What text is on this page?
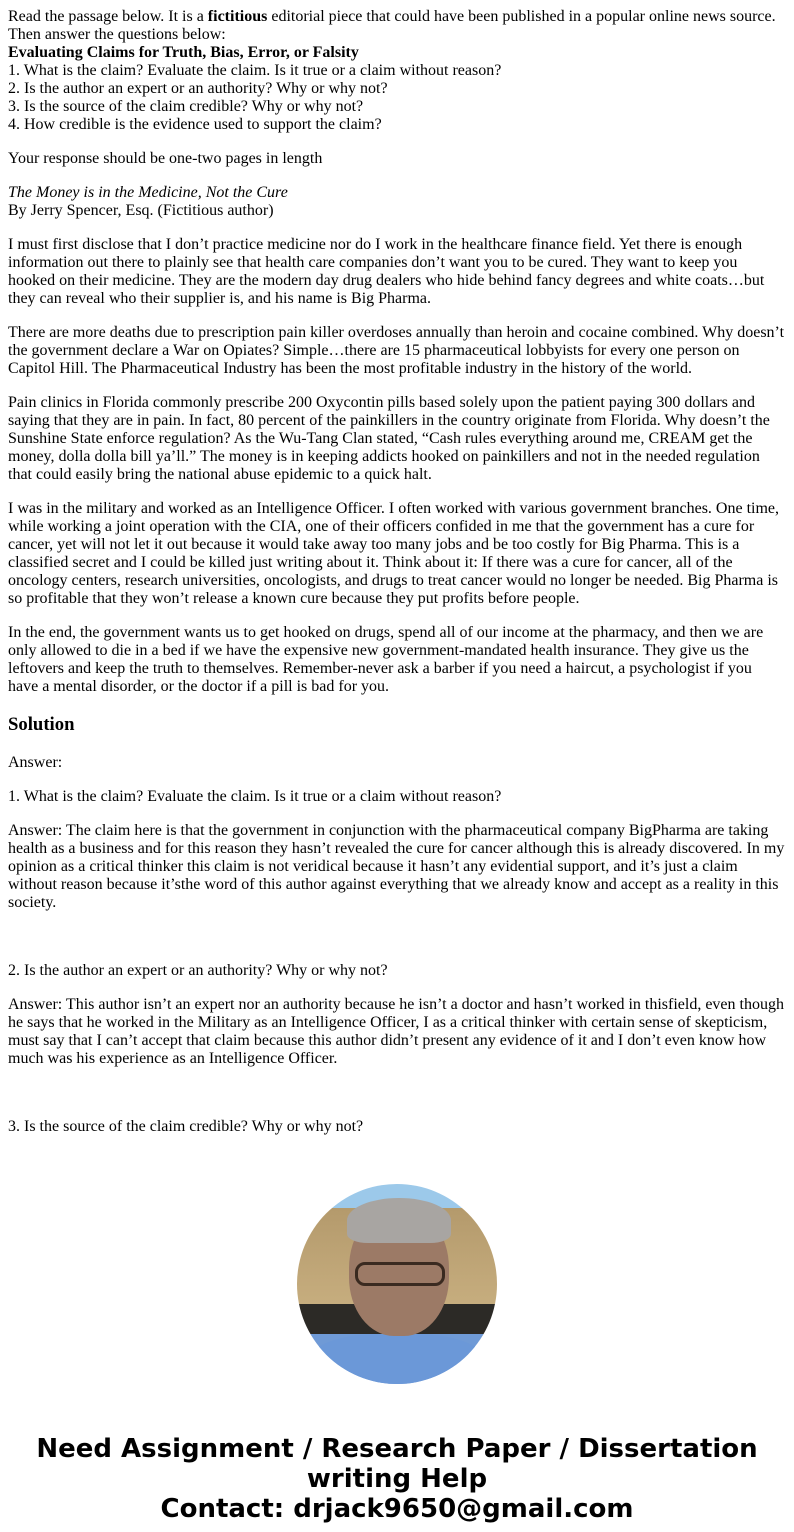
Read the passage below. It is a fictitious editorial piece that could have been published in a popular online news source. Then answer the questions below:
Evaluating Claims for Truth, Bias, Error, or Falsity
1. What is the claim? Evaluate the claim. Is it true or a claim without reason?
2. Is the author an expert or an authority? Why or why not?
3. Is the source of the claim credible? Why or why not?
4. How credible is the evidence used to support the claim?

Your response should be one-two pages in length

The Money is in the Medicine, Not the Cure
By Jerry Spencer, Esq. (Fictitious author)

I must first disclose that I don’t practice medicine nor do I work in the healthcare finance field. Yet there is enough information out there to plainly see that health care companies don’t want you to be cured. They want to keep you hooked on their medicine. They are the modern day drug dealers who hide behind fancy degrees and white coats…but they can reveal who their supplier is, and his name is Big Pharma.

There are more deaths due to prescription pain killer overdoses annually than heroin and cocaine combined. Why doesn’t the government declare a War on Opiates? Simple…there are 15 pharmaceutical lobbyists for every one person on Capitol Hill. The Pharmaceutical Industry has been the most profitable industry in the history of the world.

Pain clinics in Florida commonly prescribe 200 Oxycontin pills based solely upon the patient paying 300 dollars and saying that they are in pain. In fact, 80 percent of the painkillers in the country originate from Florida. Why doesn’t the Sunshine State enforce regulation? As the Wu-Tang Clan stated, “Cash rules everything around me, CREAM get the money, dolla dolla bill ya’ll.” The money is in keeping addicts hooked on painkillers and not in the needed regulation that could easily bring the national abuse epidemic to a quick halt.

I was in the military and worked as an Intelligence Officer. I often worked with various government branches. One time, while working a joint operation with the CIA, one of their officers confided in me that the government has a cure for cancer, yet will not let it out because it would take away too many jobs and be too costly for Big Pharma. This is a classified secret and I could be killed just writing about it. Think about it: If there was a cure for cancer, all of the oncology centers, research universities, oncologists, and drugs to treat cancer would no longer be needed. Big Pharma is so profitable that they won’t release a known cure because they put profits before people.

In the end, the government wants us to get hooked on drugs, spend all of our income at the pharmacy, and then we are only allowed to die in a bed if we have the expensive new government-mandated health insurance. They give us the leftovers and keep the truth to themselves. Remember-never ask a barber if you need a haircut, a psychologist if you have a mental disorder, or the doctor if a pill is bad for you.

Solution

Answer:

1. What is the claim? Evaluate the claim. Is it true or a claim without reason?

Answer: The claim here is that the government in conjunction with the pharmaceutical company BigPharma are taking health as a business and for this reason they hasn’t revealed the cure for cancer although this is already discovered. In my opinion as a critical thinker this claim is not veridical because it hasn’t any evidential support, and it’s just a claim without reason because it’sthe word of this author against everything that we already know and accept as a reality in this society.

2. Is the author an expert or an authority? Why or why not?

Answer: This author isn’t an expert nor an authority because he isn’t a doctor and hasn’t worked in thisfield, even though he says that he worked in the Military as an Intelligence Officer, I as a critical thinker with certain sense of skepticism, must say that I can’t accept that claim because this author didn’t present any evidence of it and I don’t even know how much was his experience as an Intelligence Officer.

3. Is the source of the claim credible? Why or why not?

Need Assignment / Research Paper / Dissertation writing Help
Contact: drjack9650@gmail.com
